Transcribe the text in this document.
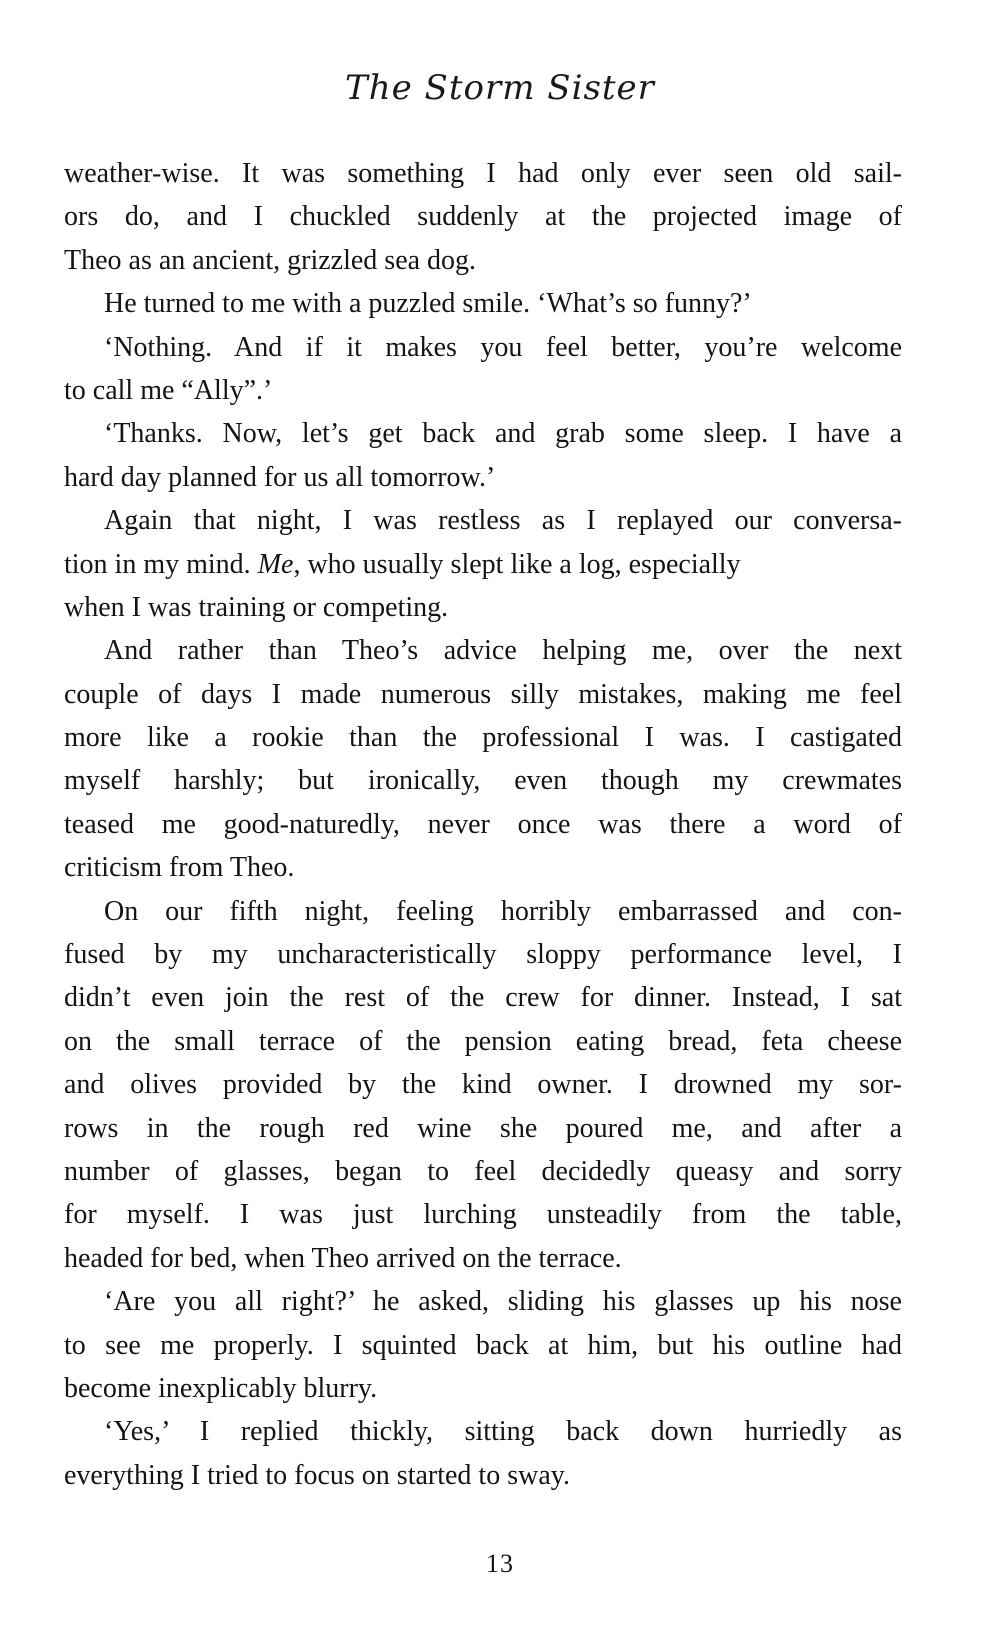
The Storm Sister
weather-wise. It was something I had only ever seen old sail-
ors do, and I chuckled suddenly at the projected image of
Theo as an ancient, grizzled sea dog.
He turned to me with a puzzled smile. ‘What’s so funny?’
‘Nothing. And if it makes you feel better, you’re welcome
to call me “Ally”.’
‘Thanks. Now, let’s get back and grab some sleep. I have a
hard day planned for us all tomorrow.’
Again that night, I was restless as I replayed our conversa-
tion in my mind. Me, who usually slept like a log, especially
when I was training or competing.
And rather than Theo’s advice helping me, over the next
couple of days I made numerous silly mistakes, making me feel
more like a rookie than the professional I was. I castigated
myself harshly; but ironically, even though my crewmates
teased me good-naturedly, never once was there a word of
criticism from Theo.
On our fifth night, feeling horribly embarrassed and con-
fused by my uncharacteristically sloppy performance level, I
didn’t even join the rest of the crew for dinner. Instead, I sat
on the small terrace of the pension eating bread, feta cheese
and olives provided by the kind owner. I drowned my sor-
rows in the rough red wine she poured me, and after a
number of glasses, began to feel decidedly queasy and sorry
for myself. I was just lurching unsteadily from the table,
headed for bed, when Theo arrived on the terrace.
‘Are you all right?’ he asked, sliding his glasses up his nose
to see me properly. I squinted back at him, but his outline had
become inexplicably blurry.
‘Yes,’ I replied thickly, sitting back down hurriedly as
everything I tried to focus on started to sway.
13
